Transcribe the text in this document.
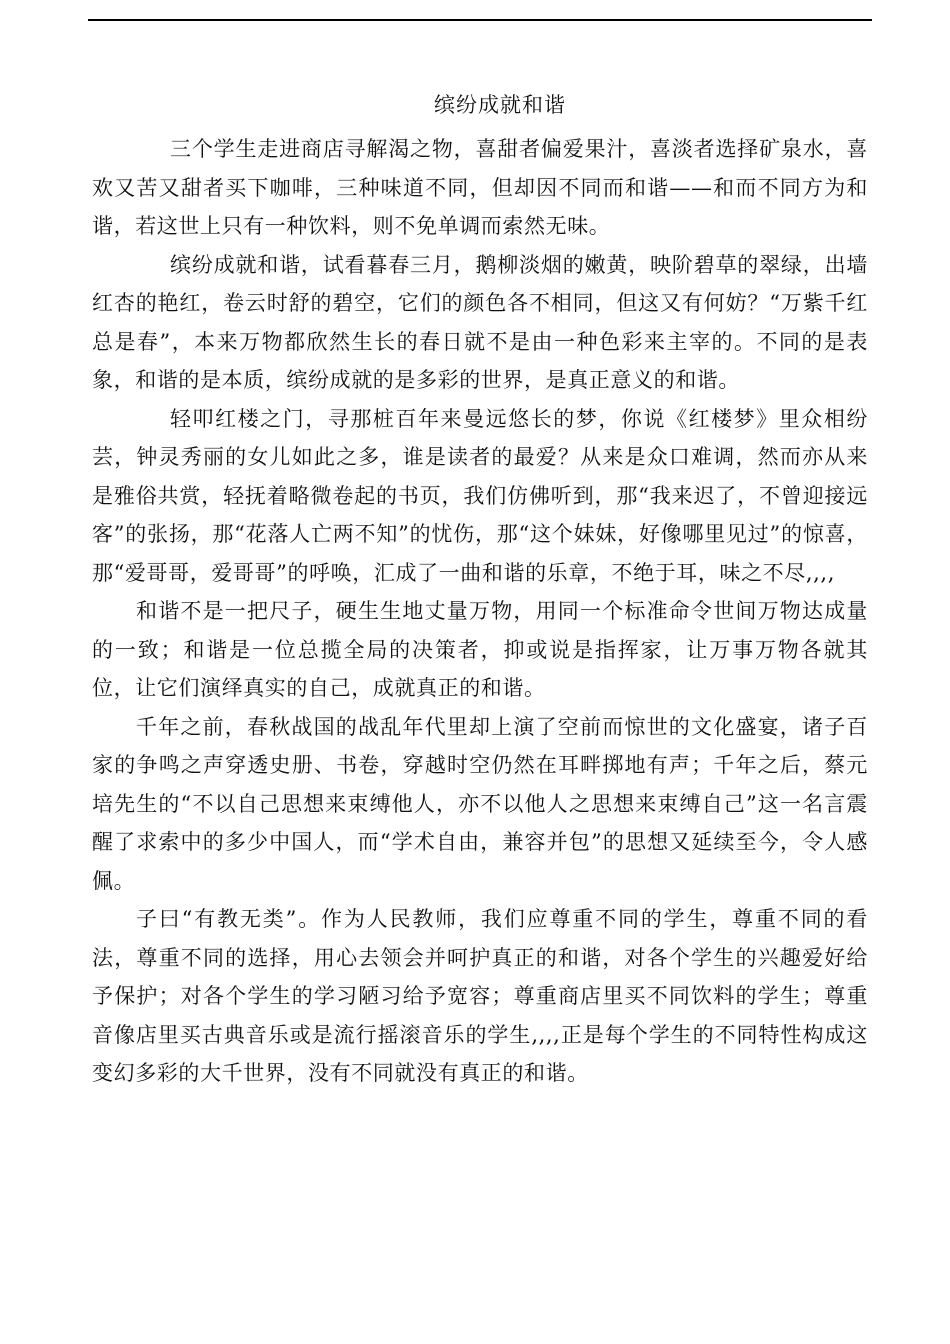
缤纷成就和谐

三个学生走进商店寻解渴之物，喜甜者偏爱果汁，喜淡者选择矿泉水，喜欢又苦又甜者买下咖啡，三种味道不同，但却因不同而和谐——和而不同方为和谐，若这世上只有一种饮料，则不免单调而索然无味。

缤纷成就和谐，试看暮春三月，鹅柳淡烟的嫩黄，映阶碧草的翠绿，出墙红杏的艳红，卷云时舒的碧空，它们的颜色各不相同，但这又有何妨？“万紫千红总是春”，本来万物都欣然生长的春日就不是由一种色彩来主宰的。不同的是表象，和谐的是本质，缤纷成就的是多彩的世界，是真正意义的和谐。

轻叩红楼之门，寻那桩百年来曼远悠长的梦，你说《红楼梦》里众相纷芸，钟灵秀丽的女儿如此之多，谁是读者的最爱？从来是众口难调，然而亦从来是雅俗共赏，轻抚着略微卷起的书页，我们仿佛听到，那“我来迟了，不曾迎接远客”的张扬，那“花落人亡两不知”的忧伤，那“这个妹妹，好像哪里见过”的惊喜，那“爱哥哥，爱哥哥”的呼唤，汇成了一曲和谐的乐章，不绝于耳，味之不尽,,,,

和谐不是一把尺子，硬生生地丈量万物，用同一个标准命令世间万物达成量的一致；和谐是一位总揽全局的决策者，抑或说是指挥家，让万事万物各就其位，让它们演绎真实的自己，成就真正的和谐。

千年之前，春秋战国的战乱年代里却上演了空前而惊世的文化盛宴，诸子百家的争鸣之声穿透史册、书卷，穿越时空仍然在耳畔掷地有声；千年之后，蔡元培先生的“不以自己思想来束缚他人，亦不以他人之思想来束缚自己”这一名言震醒了求索中的多少中国人，而“学术自由，兼容并包”的思想又延续至今，令人感佩。

子曰“有教无类”。作为人民教师，我们应尊重不同的学生，尊重不同的看法，尊重不同的选择，用心去领会并呵护真正的和谐，对各个学生的兴趣爱好给予保护；对各个学生的学习陋习给予宽容；尊重商店里买不同饮料的学生；尊重音像店里买古典音乐或是流行摇滚音乐的学生,,,,正是每个学生的不同特性构成这变幻多彩的大千世界，没有不同就没有真正的和谐。
